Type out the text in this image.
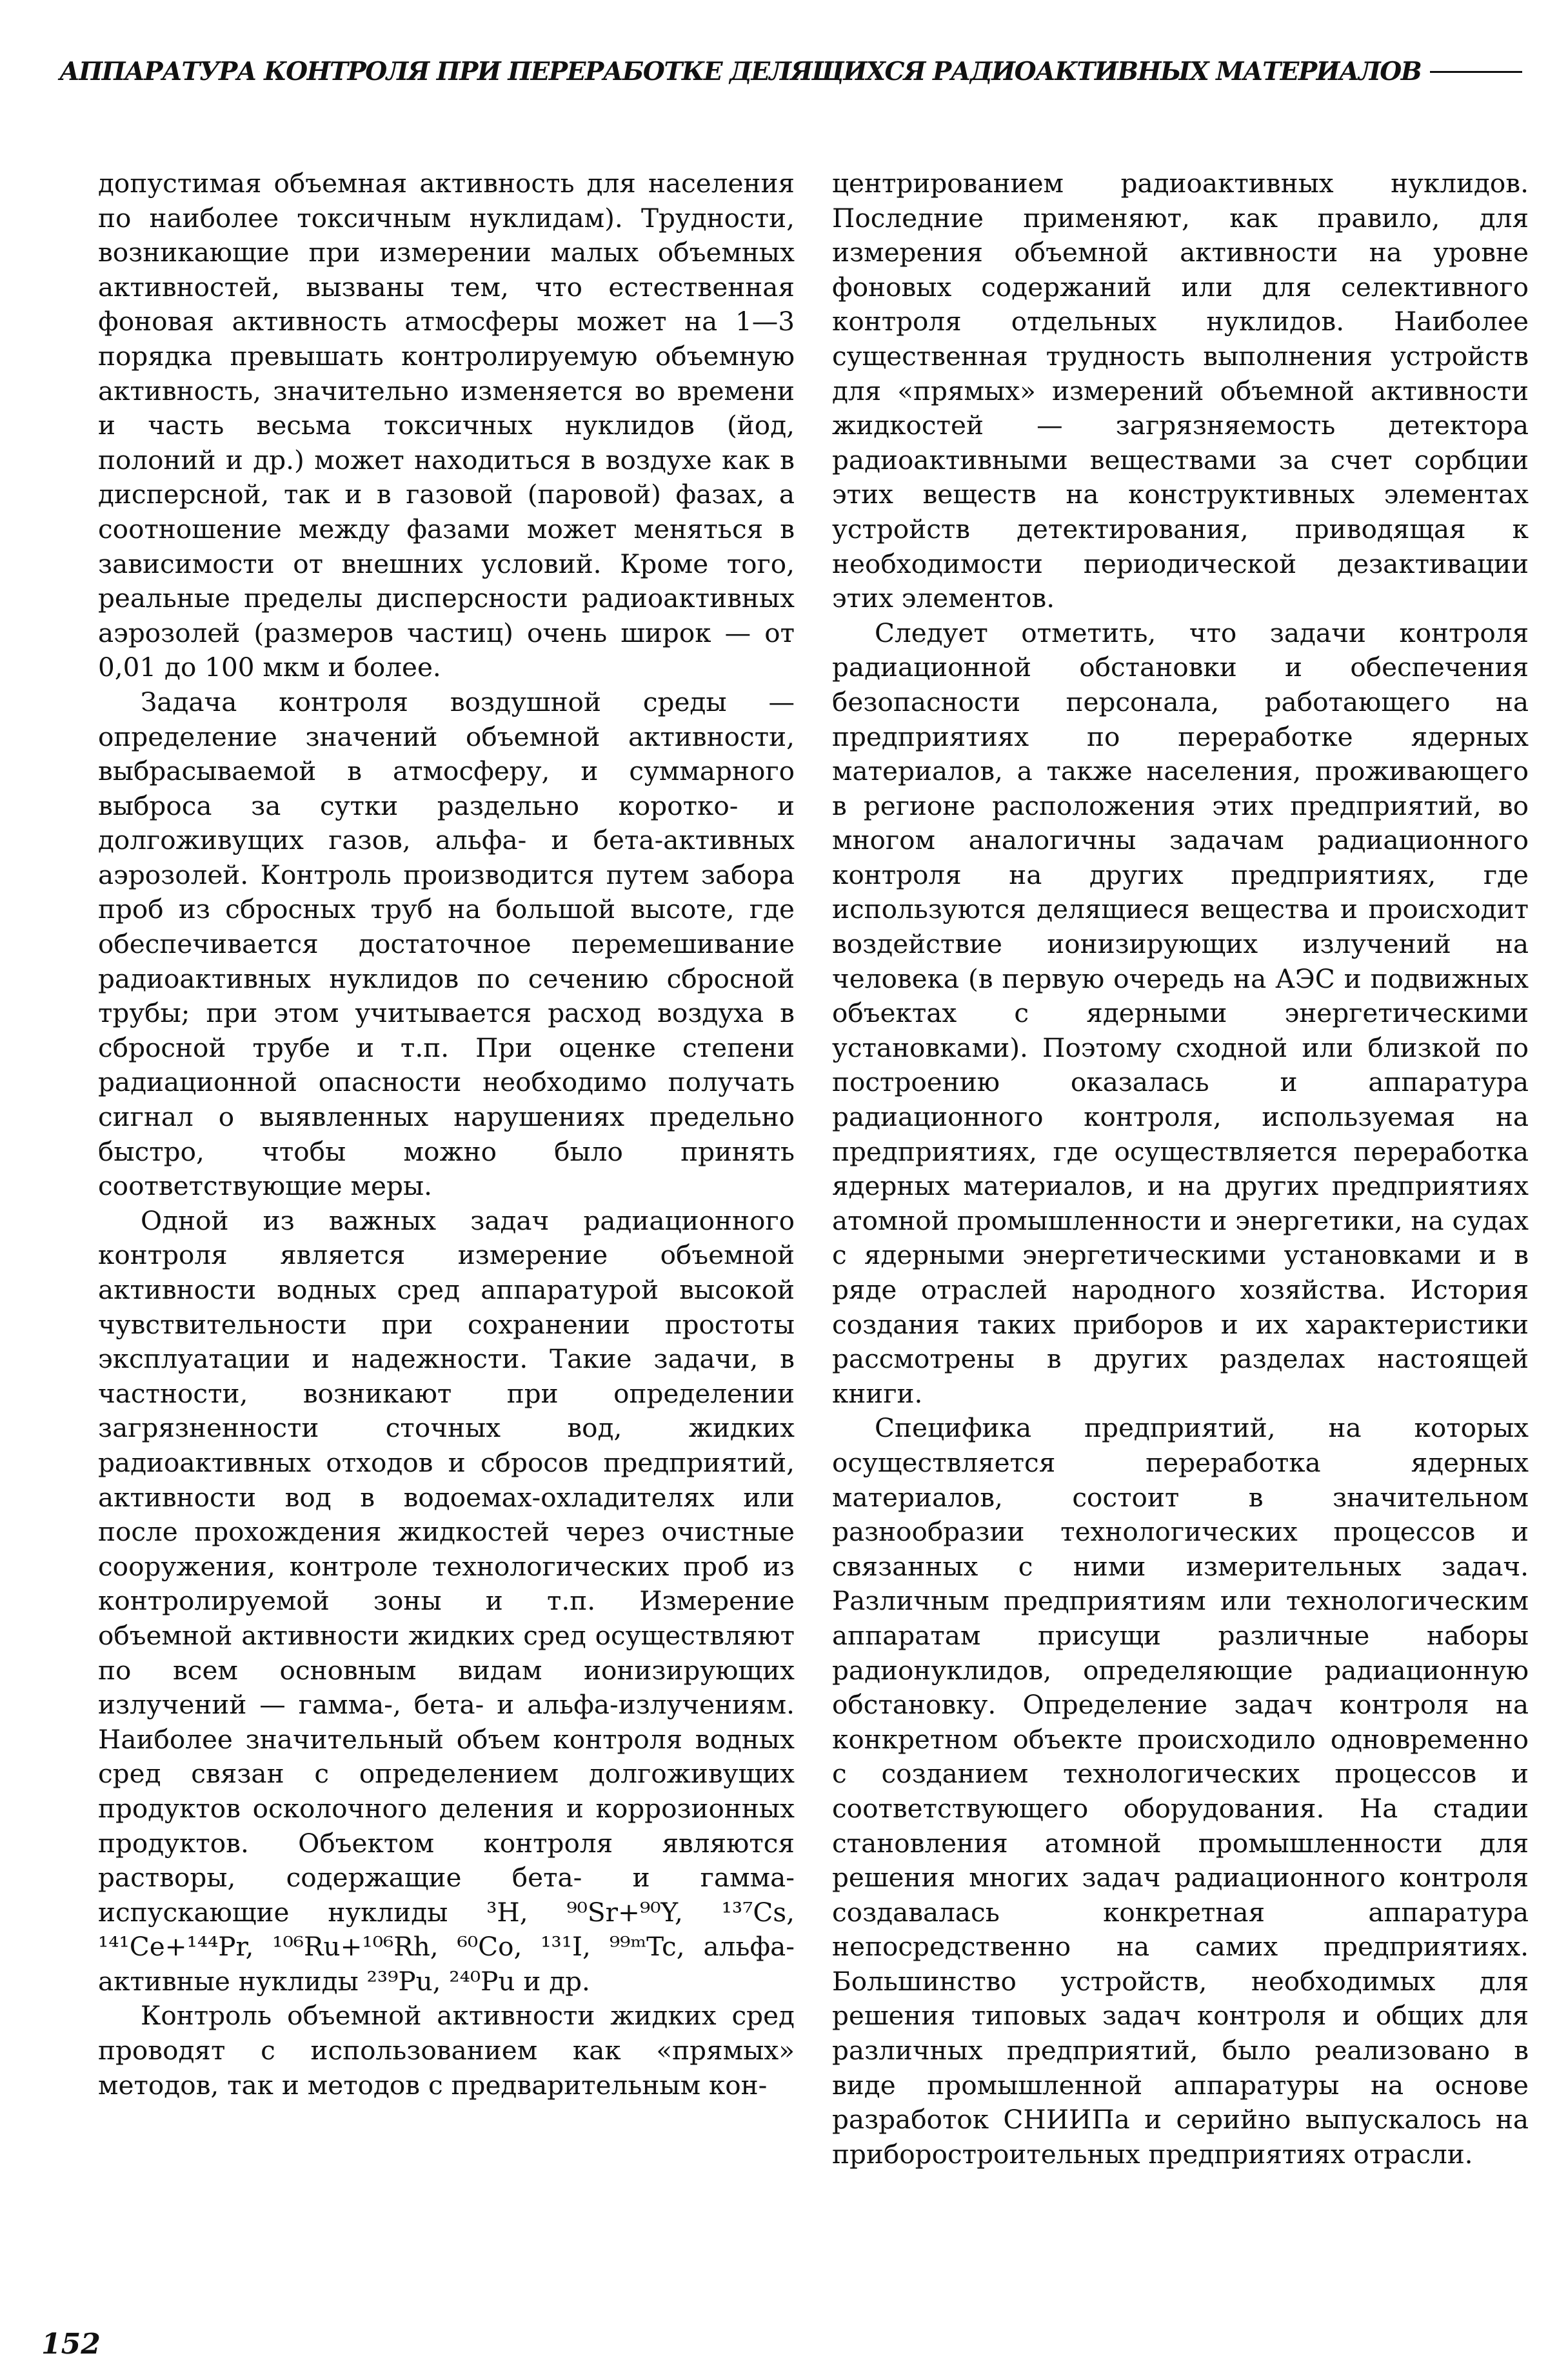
АППАРАТУРА КОНТРОЛЯ ПРИ ПЕРЕРАБОТКЕ ДЕЛЯЩИХСЯ РАДИОАКТИВНЫХ МАТЕРИАЛОВ

допустимая объемная активность для населения по наиболее токсичным нуклидам). Трудности, возникающие при измерении малых объемных активностей, вызваны тем, что естественная фоновая активность атмосферы может на 1—3 порядка превышать контролируемую объемную активность, значительно изменяется во времени и часть весьма токсичных нуклидов (йод, полоний и др.) может находиться в воздухе как в дисперсной, так и в газовой (паровой) фазах, а соотношение между фазами может меняться в зависимости от внешних условий. Кроме того, реальные пределы дисперсности радиоактивных аэрозолей (размеров частиц) очень широк — от 0,01 до 100 мкм и более.

Задача контроля воздушной среды — определение значений объемной активности, выбрасываемой в атмосферу, и суммарного выброса за сутки раздельно коротко- и долгоживущих газов, альфа- и бета-активных аэрозолей. Контроль производится путем забора проб из сбросных труб на большой высоте, где обеспечивается достаточное перемешивание радиоактивных нуклидов по сечению сбросной трубы; при этом учитывается расход воздуха в сбросной трубе и т.п. При оценке степени радиационной опасности необходимо получать сигнал о выявленных нарушениях предельно быстро, чтобы можно было принять соответствующие меры.

Одной из важных задач радиационного контроля является измерение объемной активности водных сред аппаратурой высокой чувствительности при сохранении простоты эксплуатации и надежности. Такие задачи, в частности, возникают при определении загрязненности сточных вод, жидких радиоактивных отходов и сбросов предприятий, активности вод в водоемах-охладителях или после прохождения жидкостей через очистные сооружения, контроле технологических проб из контролируемой зоны и т.п. Измерение объемной активности жидких сред осуществляют по всем основным видам ионизирующих излучений — гамма-, бета- и альфа-излучениям. Наиболее значительный объем контроля водных сред связан с определением долгоживущих продуктов осколочного деления и коррозионных продуктов. Объектом контроля являются растворы, содержащие бета- и гамма-испускающие нуклиды ³H, ⁹⁰Sr+⁹⁰Y, ¹³⁷Cs, ¹⁴¹Ce+¹⁴⁴Pr, ¹⁰⁶Ru+¹⁰⁶Rh, ⁶⁰Co, ¹³¹I, ⁹⁹ᵐTc, альфа-активные нуклиды ²³⁹Pu, ²⁴⁰Pu и др.

Контроль объемной активности жидких сред проводят с использованием как «прямых» методов, так и методов с предварительным кон-

центрированием радиоактивных нуклидов. Последние применяют, как правило, для измерения объемной активности на уровне фоновых содержаний или для селективного контроля отдельных нуклидов. Наиболее существенная трудность выполнения устройств для «прямых» измерений объемной активности жидкостей — загрязняемость детектора радиоактивными веществами за счет сорбции этих веществ на конструктивных элементах устройств детектирования, приводящая к необходимости периодической дезактивации этих элементов.

Следует отметить, что задачи контроля радиационной обстановки и обеспечения безопасности персонала, работающего на предприятиях по переработке ядерных материалов, а также населения, проживающего в регионе расположения этих предприятий, во многом аналогичны задачам радиационного контроля на других предприятиях, где используются делящиеся вещества и происходит воздействие ионизирующих излучений на человека (в первую очередь на АЭС и подвижных объектах с ядерными энергетическими установками). Поэтому сходной или близкой по построению оказалась и аппаратура радиационного контроля, используемая на предприятиях, где осуществляется переработка ядерных материалов, и на других предприятиях атомной промышленности и энергетики, на судах с ядерными энергетическими установками и в ряде отраслей народного хозяйства. История создания таких приборов и их характеристики рассмотрены в других разделах настоящей книги.

Специфика предприятий, на которых осуществляется переработка ядерных материалов, состоит в значительном разнообразии технологических процессов и связанных с ними измерительных задач. Различным предприятиям или технологическим аппаратам присущи различные наборы радионуклидов, определяющие радиационную обстановку. Определение задач контроля на конкретном объекте происходило одновременно с созданием технологических процессов и соответствующего оборудования. На стадии становления атомной промышленности для решения многих задач радиационного контроля создавалась конкретная аппаратура непосредственно на самих предприятиях. Большинство устройств, необходимых для решения типовых задач контроля и общих для различных предприятий, было реализовано в виде промышленной аппаратуры на основе разработок СНИИПа и серийно выпускалось на приборостроительных предприятиях отрасли.

152
